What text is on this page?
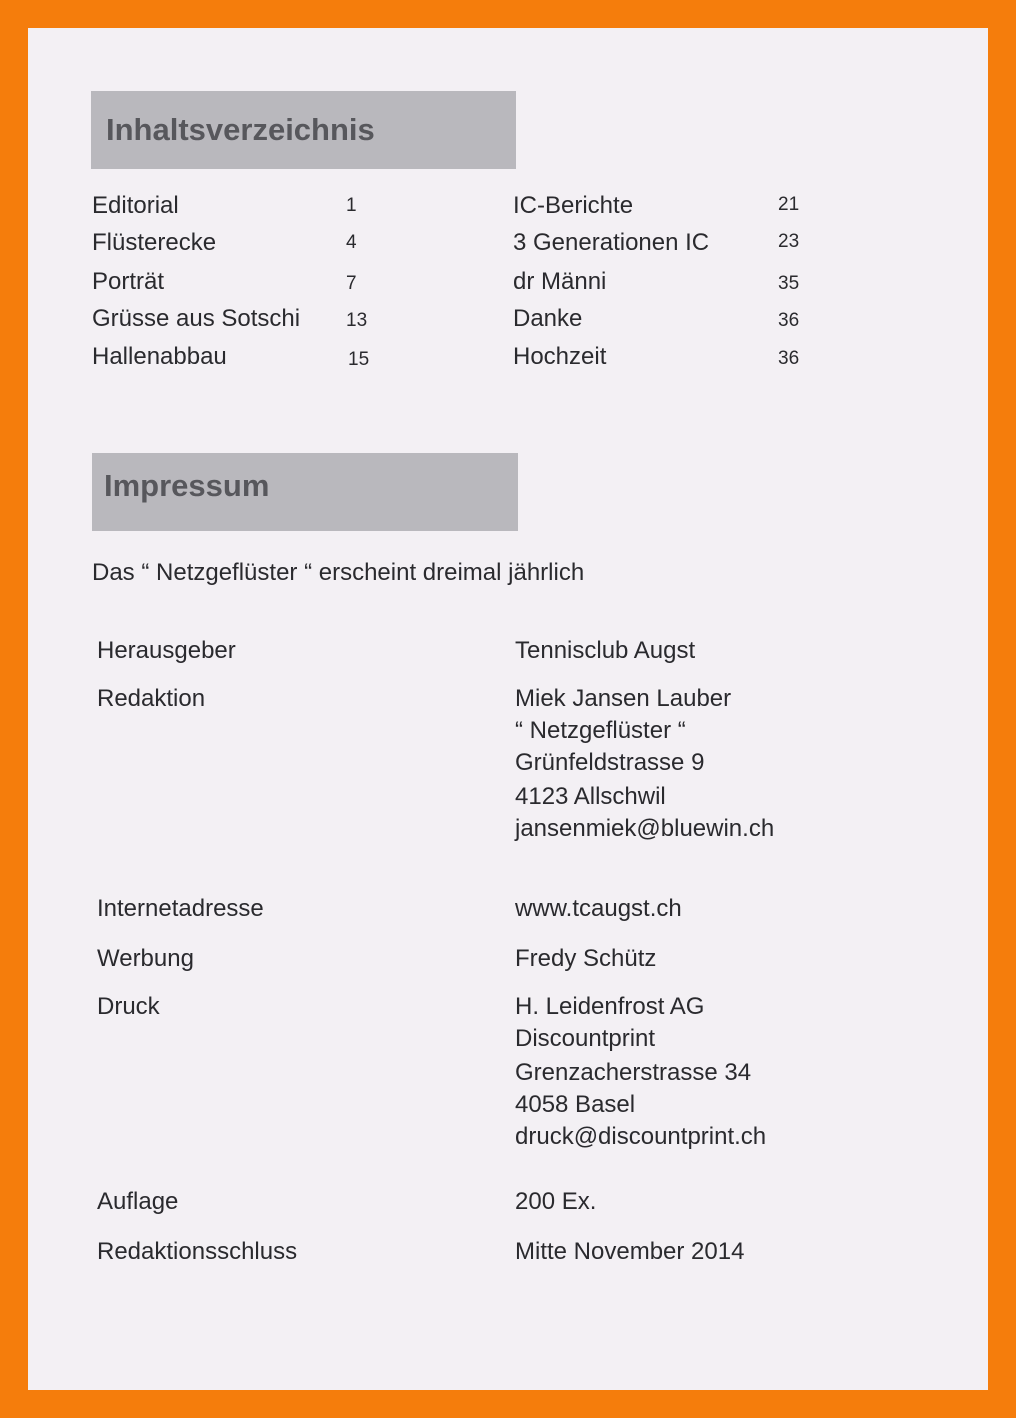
Inhaltsverzeichnis
Editorial	1
Flüsterecke	4
Porträt	7
Grüsse aus Sotschi 13
Hallenabbau	15
IC-Berichte	21
3 Generationen IC	23
dr Männi	35
Danke	36
Hochzeit	36
Impressum
Das “ Netzgeflüster “ erscheint dreimal jährlich
Herausgeber	Tennisclub Augst
Redaktion	Miek Jansen Lauber
“ Netzgeflüster “
Grünfeldstrasse 9
4123 Allschwil
jansenmiek@bluewin.ch
Internetadresse	www.tcaugst.ch
Werbung	Fredy Schütz
Druck	H. Leidenfrost AG
Discountprint
Grenzacherstrasse 34
4058 Basel
druck@discountprint.ch
Auflage	200 Ex.
Redaktionsschluss	Mitte November 2014
